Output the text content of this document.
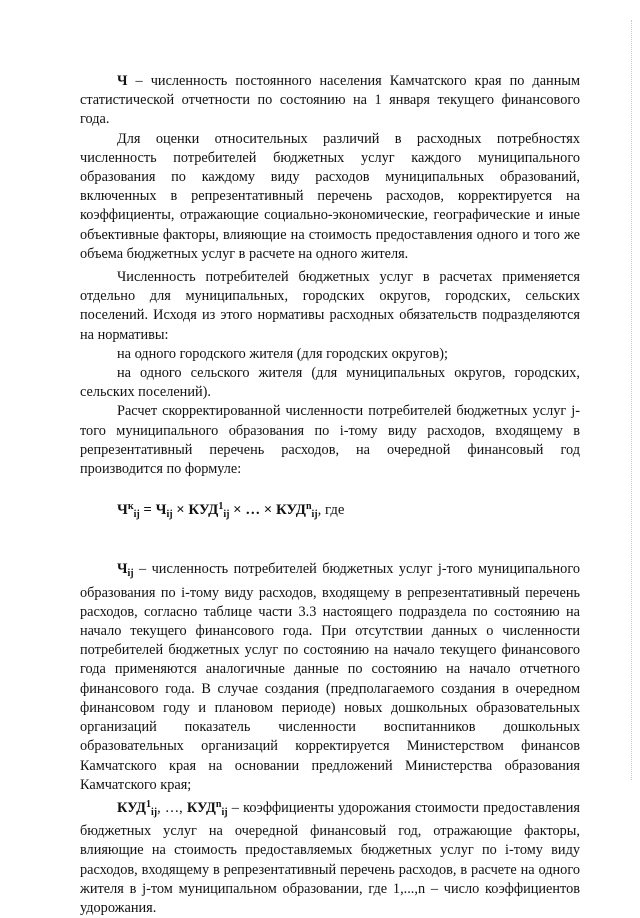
Ч – численность постоянного населения Камчатского края по данным статистической отчетности по состоянию на 1 января текущего финансового года.

Для оценки относительных различий в расходных потребностях численность потребителей бюджетных услуг каждого муниципального образования по каждому виду расходов муниципальных образований, включенных в репрезентативный перечень расходов, корректируется на коэффициенты, отражающие социально-экономические, географические и иные объективные факторы, влияющие на стоимость предоставления одного и того же объема бюджетных услуг в расчете на одного жителя.

Численность потребителей бюджетных услуг в расчетах применяется отдельно для муниципальных, городских округов, городских, сельских поселений. Исходя из этого нормативы расходных обязательств подразделяются на нормативы:

на одного городского жителя (для городских округов);

на одного сельского жителя (для муниципальных округов, городских, сельских поселений).

Расчет скорректированной численности потребителей бюджетных услуг j-того муниципального образования по i-тому виду расходов, входящему в репрезентативный перечень расходов, на очередной финансовый год производится по формуле:

$Ч^к_{ij} = Ч_{ij} \times КУД^1_{ij}$ × … × $КУД^n_{ij}$, где

$Ч_{ij}$ – численность потребителей бюджетных услуг j-того муниципального образования по i-тому виду расходов, входящему в репрезентативный перечень расходов, согласно таблице части 3.3 настоящего подраздела по состоянию на начало текущего финансового года. При отсутствии данных о численности потребителей бюджетных услуг по состоянию на начало текущего финансового года применяются аналогичные данные по состоянию на начало отчетного финансового года. В случае создания (предполагаемого создания в очередном финансовом году и плановом периоде) новых дошкольных образовательных организаций показатель численности воспитанников дошкольных образовательных организаций корректируется Министерством финансов Камчатского края на основании предложений Министерства образования Камчатского края;

$КУД^1_{ij}$, …, $КУД^n_{ij}$ – коэффициенты удорожания стоимости предоставления бюджетных услуг на очередной финансовый год, отражающие факторы, влияющие на стоимость предоставляемых бюджетных услуг по i-тому виду расходов, входящему в репрезентативный перечень расходов, в расчете на одного жителя в j-том муниципальном образовании, где 1,...,n – число коэффициентов удорожания.
